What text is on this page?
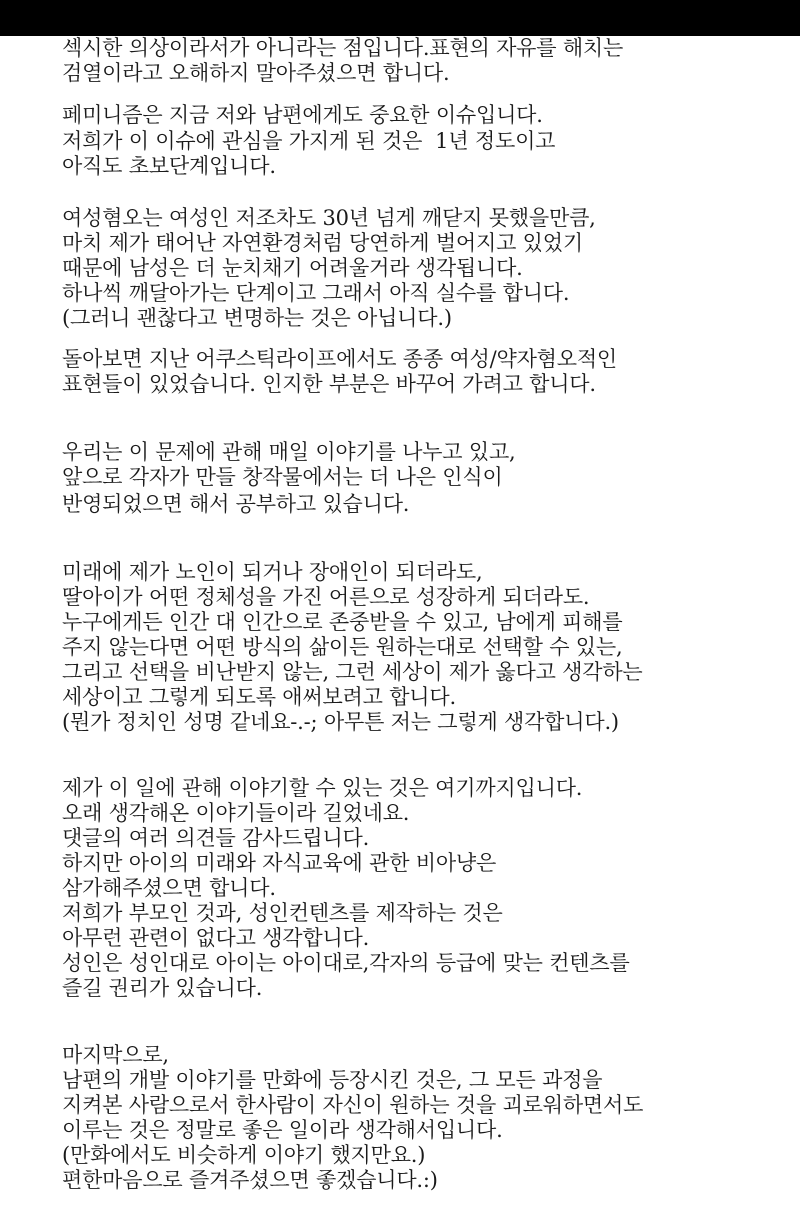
섹시한 의상이라서가 아니라는 점입니다.표현의 자유를 해치는
검열이라고 오해하지 말아주셨으면 합니다.
페미니즘은 지금 저와 남편에게도 중요한 이슈입니다.
저희가 이 이슈에 관심을 가지게 된 것은  1년 정도이고
아직도 초보단계입니다.
여성혐오는 여성인 저조차도 30년 넘게 깨닫지 못했을만큼,
마치 제가 태어난 자연환경처럼 당연하게 벌어지고 있었기
때문에 남성은 더 눈치채기 어려울거라 생각됩니다.
하나씩 깨달아가는 단계이고 그래서 아직 실수를 합니다.
(그러니 괜찮다고 변명하는 것은 아닙니다.)
돌아보면 지난 어쿠스틱라이프에서도 종종 여성/약자혐오적인
표현들이 있었습니다. 인지한 부분은 바꾸어 가려고 합니다.
우리는 이 문제에 관해 매일 이야기를 나누고 있고,
앞으로 각자가 만들 창작물에서는 더 나은 인식이
반영되었으면 해서 공부하고 있습니다.
미래에 제가 노인이 되거나 장애인이 되더라도,
딸아이가 어떤 정체성을 가진 어른으로 성장하게 되더라도.
누구에게든 인간 대 인간으로 존중받을 수 있고, 남에게 피해를
주지 않는다면 어떤 방식의 삶이든 원하는대로 선택할 수 있는,
그리고 선택을 비난받지 않는, 그런 세상이 제가 옳다고 생각하는
세상이고 그렇게 되도록 애써보려고 합니다.
(뭔가 정치인 성명 같네요-.-; 아무튼 저는 그렇게 생각합니다.)
제가 이 일에 관해 이야기할 수 있는 것은 여기까지입니다.
오래 생각해온 이야기들이라 길었네요.
댓글의 여러 의견들 감사드립니다.
하지만 아이의 미래와 자식교육에 관한 비아냥은
삼가해주셨으면 합니다.
저희가 부모인 것과, 성인컨텐츠를 제작하는 것은
아무런 관련이 없다고 생각합니다.
성인은 성인대로 아이는 아이대로,각자의 등급에 맞는 컨텐츠를
즐길 권리가 있습니다.
마지막으로,
남편의 개발 이야기를 만화에 등장시킨 것은, 그 모든 과정을
지켜본 사람으로서 한사람이 자신이 원하는 것을 괴로워하면서도
이루는 것은 정말로 좋은 일이라 생각해서입니다.
(만화에서도 비슷하게 이야기 했지만요.)
편한마음으로 즐겨주셨으면 좋겠습니다.:)
